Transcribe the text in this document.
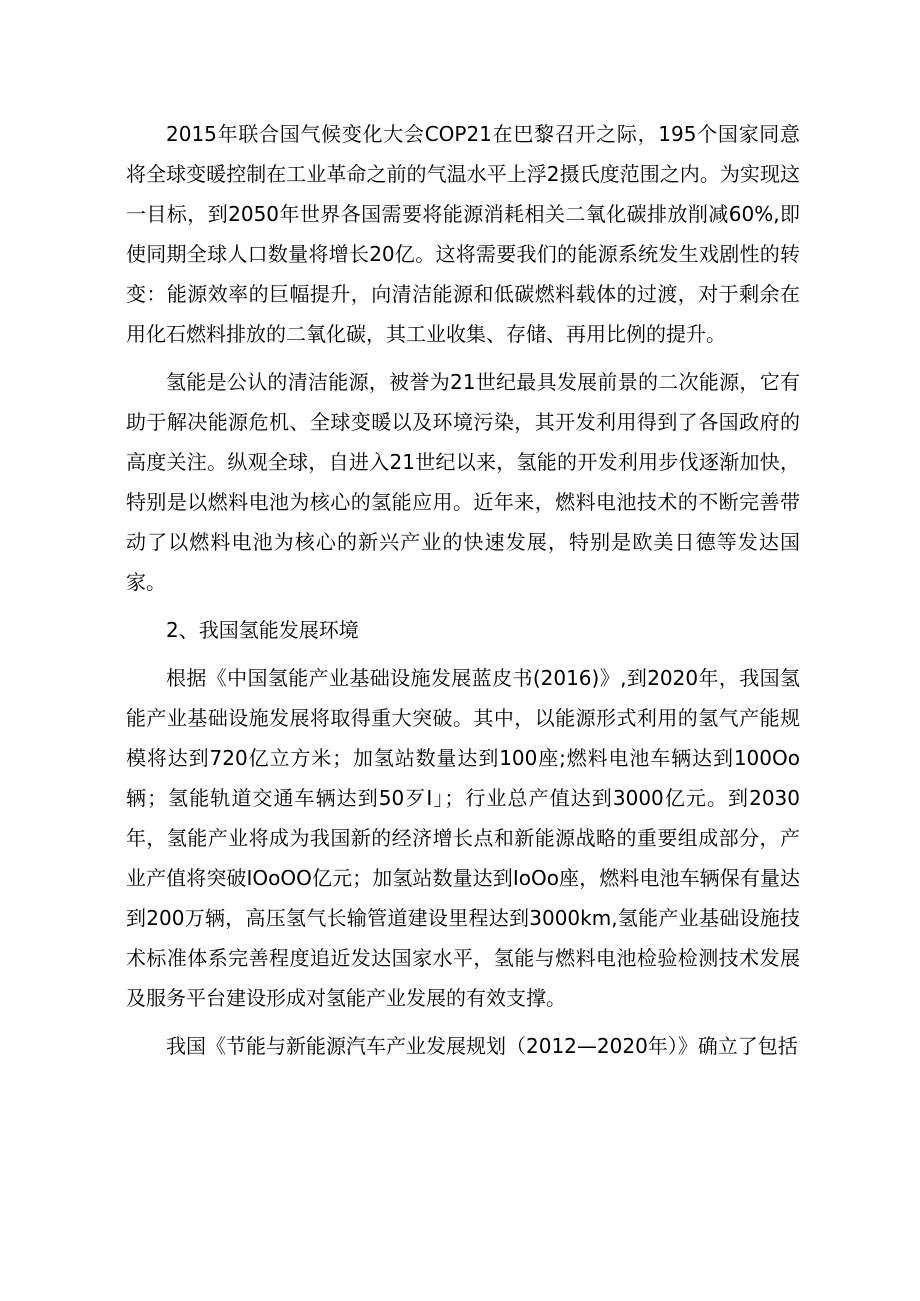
2015年联合国气候变化大会COP21在巴黎召开之际，195个国家同意将全球变暖控制在工业革命之前的气温水平上浮2摄氏度范围之内。为实现这一目标，到2050年世界各国需要将能源消耗相关二氧化碳排放削减60%,即使同期全球人口数量将增长20亿。这将需要我们的能源系统发生戏剧性的转变：能源效率的巨幅提升，向清洁能源和低碳燃料载体的过渡，对于剩余在用化石燃料排放的二氧化碳，其工业收集、存储、再用比例的提升。

氢能是公认的清洁能源，被誉为21世纪最具发展前景的二次能源，它有助于解决能源危机、全球变暖以及环境污染，其开发利用得到了各国政府的高度关注。纵观全球，自进入21世纪以来，氢能的开发利用步伐逐渐加快，特别是以燃料电池为核心的氢能应用。近年来，燃料电池技术的不断完善带动了以燃料电池为核心的新兴产业的快速发展，特别是欧美日德等发达国家。

2、我国氢能发展环境

根据《中国氢能产业基础设施发展蓝皮书(2016)》,到2020年，我国氢能产业基础设施发展将取得重大突破。其中，以能源形式利用的氢气产能规模将达到720亿立方米；加氢站数量达到100座;燃料电池车辆达到100Oo辆；氢能轨道交通车辆达到50歹I」；行业总产值达到3000亿元。到2030年，氢能产业将成为我国新的经济增长点和新能源战略的重要组成部分，产业产值将突破IOoOO亿元；加氢站数量达到IoOo座，燃料电池车辆保有量达到200万辆，高压氢气长输管道建设里程达到3000km,氢能产业基础设施技术标准体系完善程度追近发达国家水平，氢能与燃料电池检验检测技术发展及服务平台建设形成对氢能产业发展的有效支撑。

我国《节能与新能源汽车产业发展规划（2012—2020年）》确立了包括
